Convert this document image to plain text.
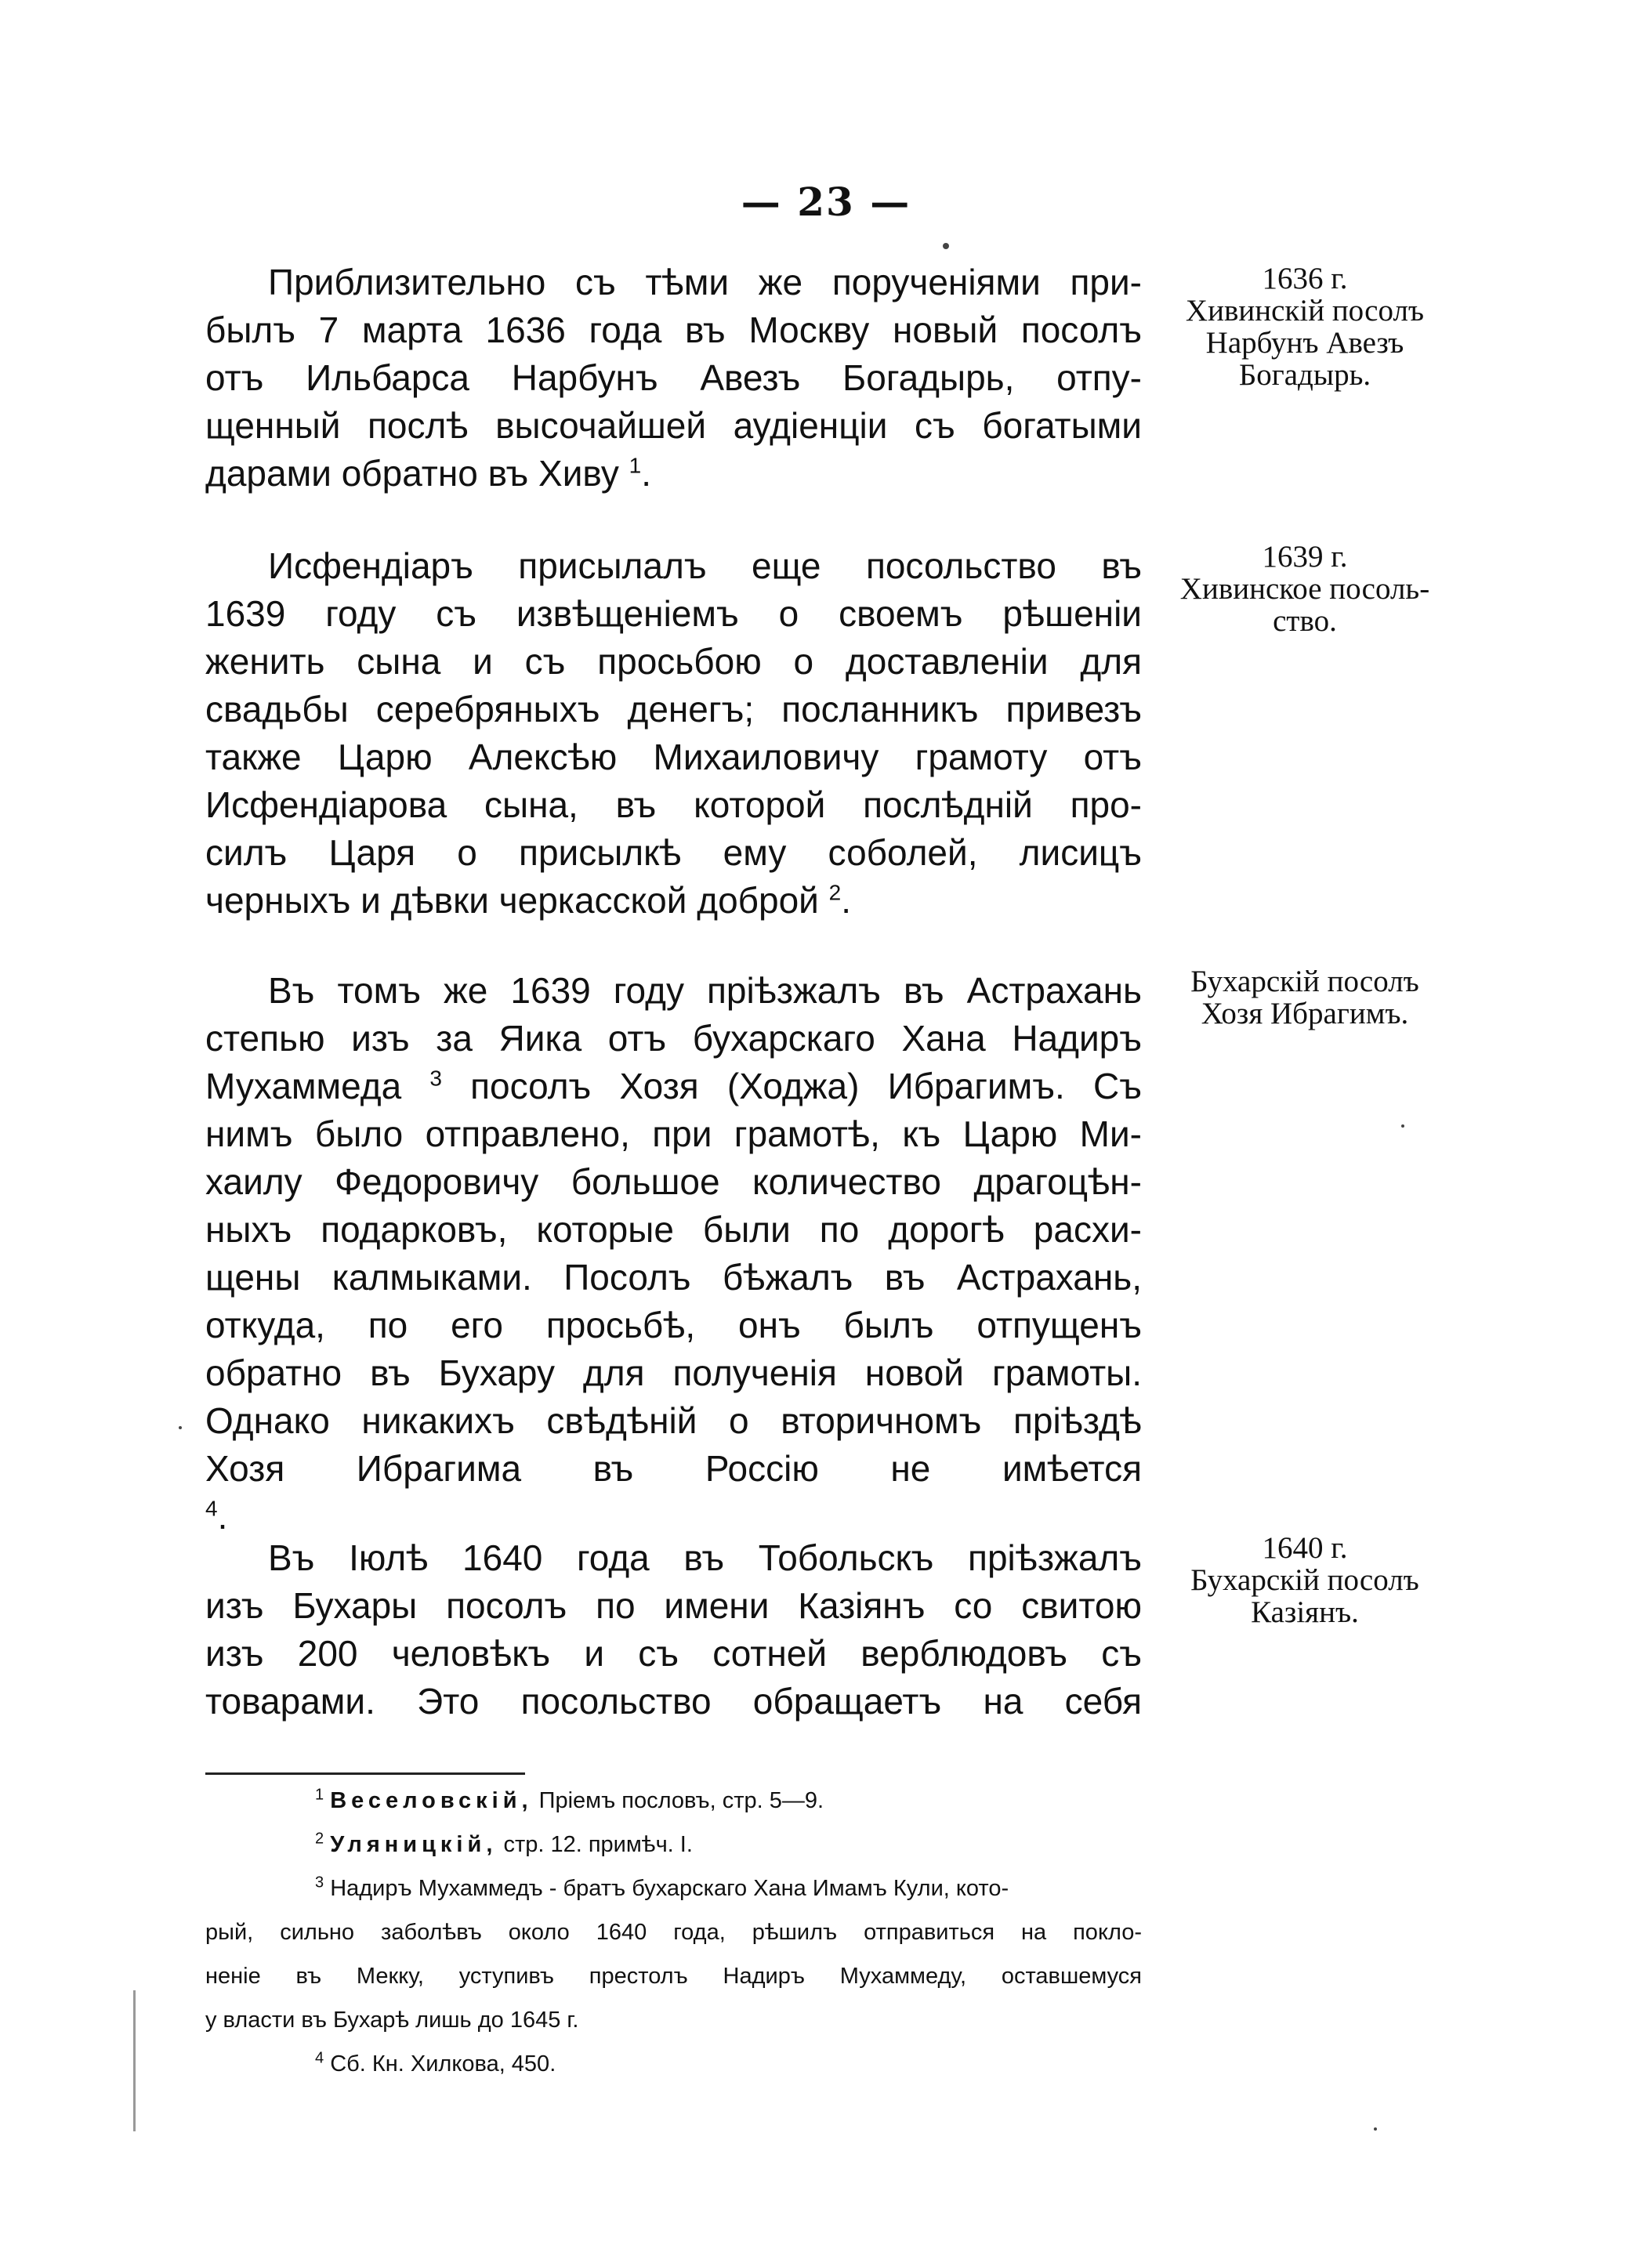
— 23 —
Приблизительно съ тѣми же порученіями при-
былъ 7 марта 1636 года въ Москву новый посолъ
отъ Ильбарса Нарбунъ Авезъ Богадырь, отпу-
щенный послѣ высочайшей аудіенціи съ богатыми
дарами обратно въ Хиву $^1$.
Исфендіаръ присылалъ еще посольство въ
1639 году съ извѣщеніемъ о своемъ рѣшеніи
женить сына и съ просьбою о доставленіи для
свадьбы серебряныхъ денегъ; посланникъ привезъ
также Царю Алексѣю Михаиловичу грамоту отъ
Исфендіарова сына, въ которой послѣдній про-
силъ Царя о присылкѣ ему соболей, лисицъ
черныхъ и дѣвки черкасской доброй $^2$.
Въ томъ же 1639 году пріѣзжалъ въ Астрахань
степью изъ за Яика отъ бухарскаго Хана Надиръ
Мухаммеда $^3$ посолъ Хозя (Ходжа) Ибрагимъ. Съ
нимъ было отправлено, при грамотѣ, къ Царю Ми-
хаилу Федоровичу большое количество драгоцѣн-
ныхъ подарковъ, которые были по дорогѣ расхи-
щены калмыками. Посолъ бѣжалъ въ Астрахань,
откуда, по его просьбѣ, онъ былъ отпущенъ
обратно въ Бухару для полученія новой грамоты.
Однако никакихъ свѣдѣній о вторичномъ пріѣздѣ
Хозя Ибрагима въ Россію не имѣется
$^4$.
Въ Іюлѣ 1640 года въ Тобольскъ пріѣзжалъ
изъ Бухары посолъ по имени Казіянъ со свитою
изъ 200 человѣкъ и съ сотней верблюдовъ съ
товарами. Это посольство обращаетъ на себя
1636 г.
Хивинскій посолъ
Нарбунъ Авезъ
Богадырь.
1639 г.
Хивинское посоль-
ство.
Бухарскій посолъ
Хозя Ибрагимъ.
1640 г.
Бухарскій посолъ
Казіянъ.
$^1$ Веселовскій, Пріемъ пословъ, стр. 5—9.
$^2$ Уляницкій, стр. 12. примѣч. I.
$^3$ Надиръ Мухаммедъ - братъ бухарскаго Хана Имамъ Кули, кото-
рый, сильно заболѣвъ около 1640 года, рѣшилъ отправиться на покло-
неніе въ Мекку, уступивъ престолъ Надиръ Мухаммеду, оставшемуся
у власти въ Бухарѣ лишь до 1645 г.
$^4$ Сб. Кн. Хилкова, 450.
